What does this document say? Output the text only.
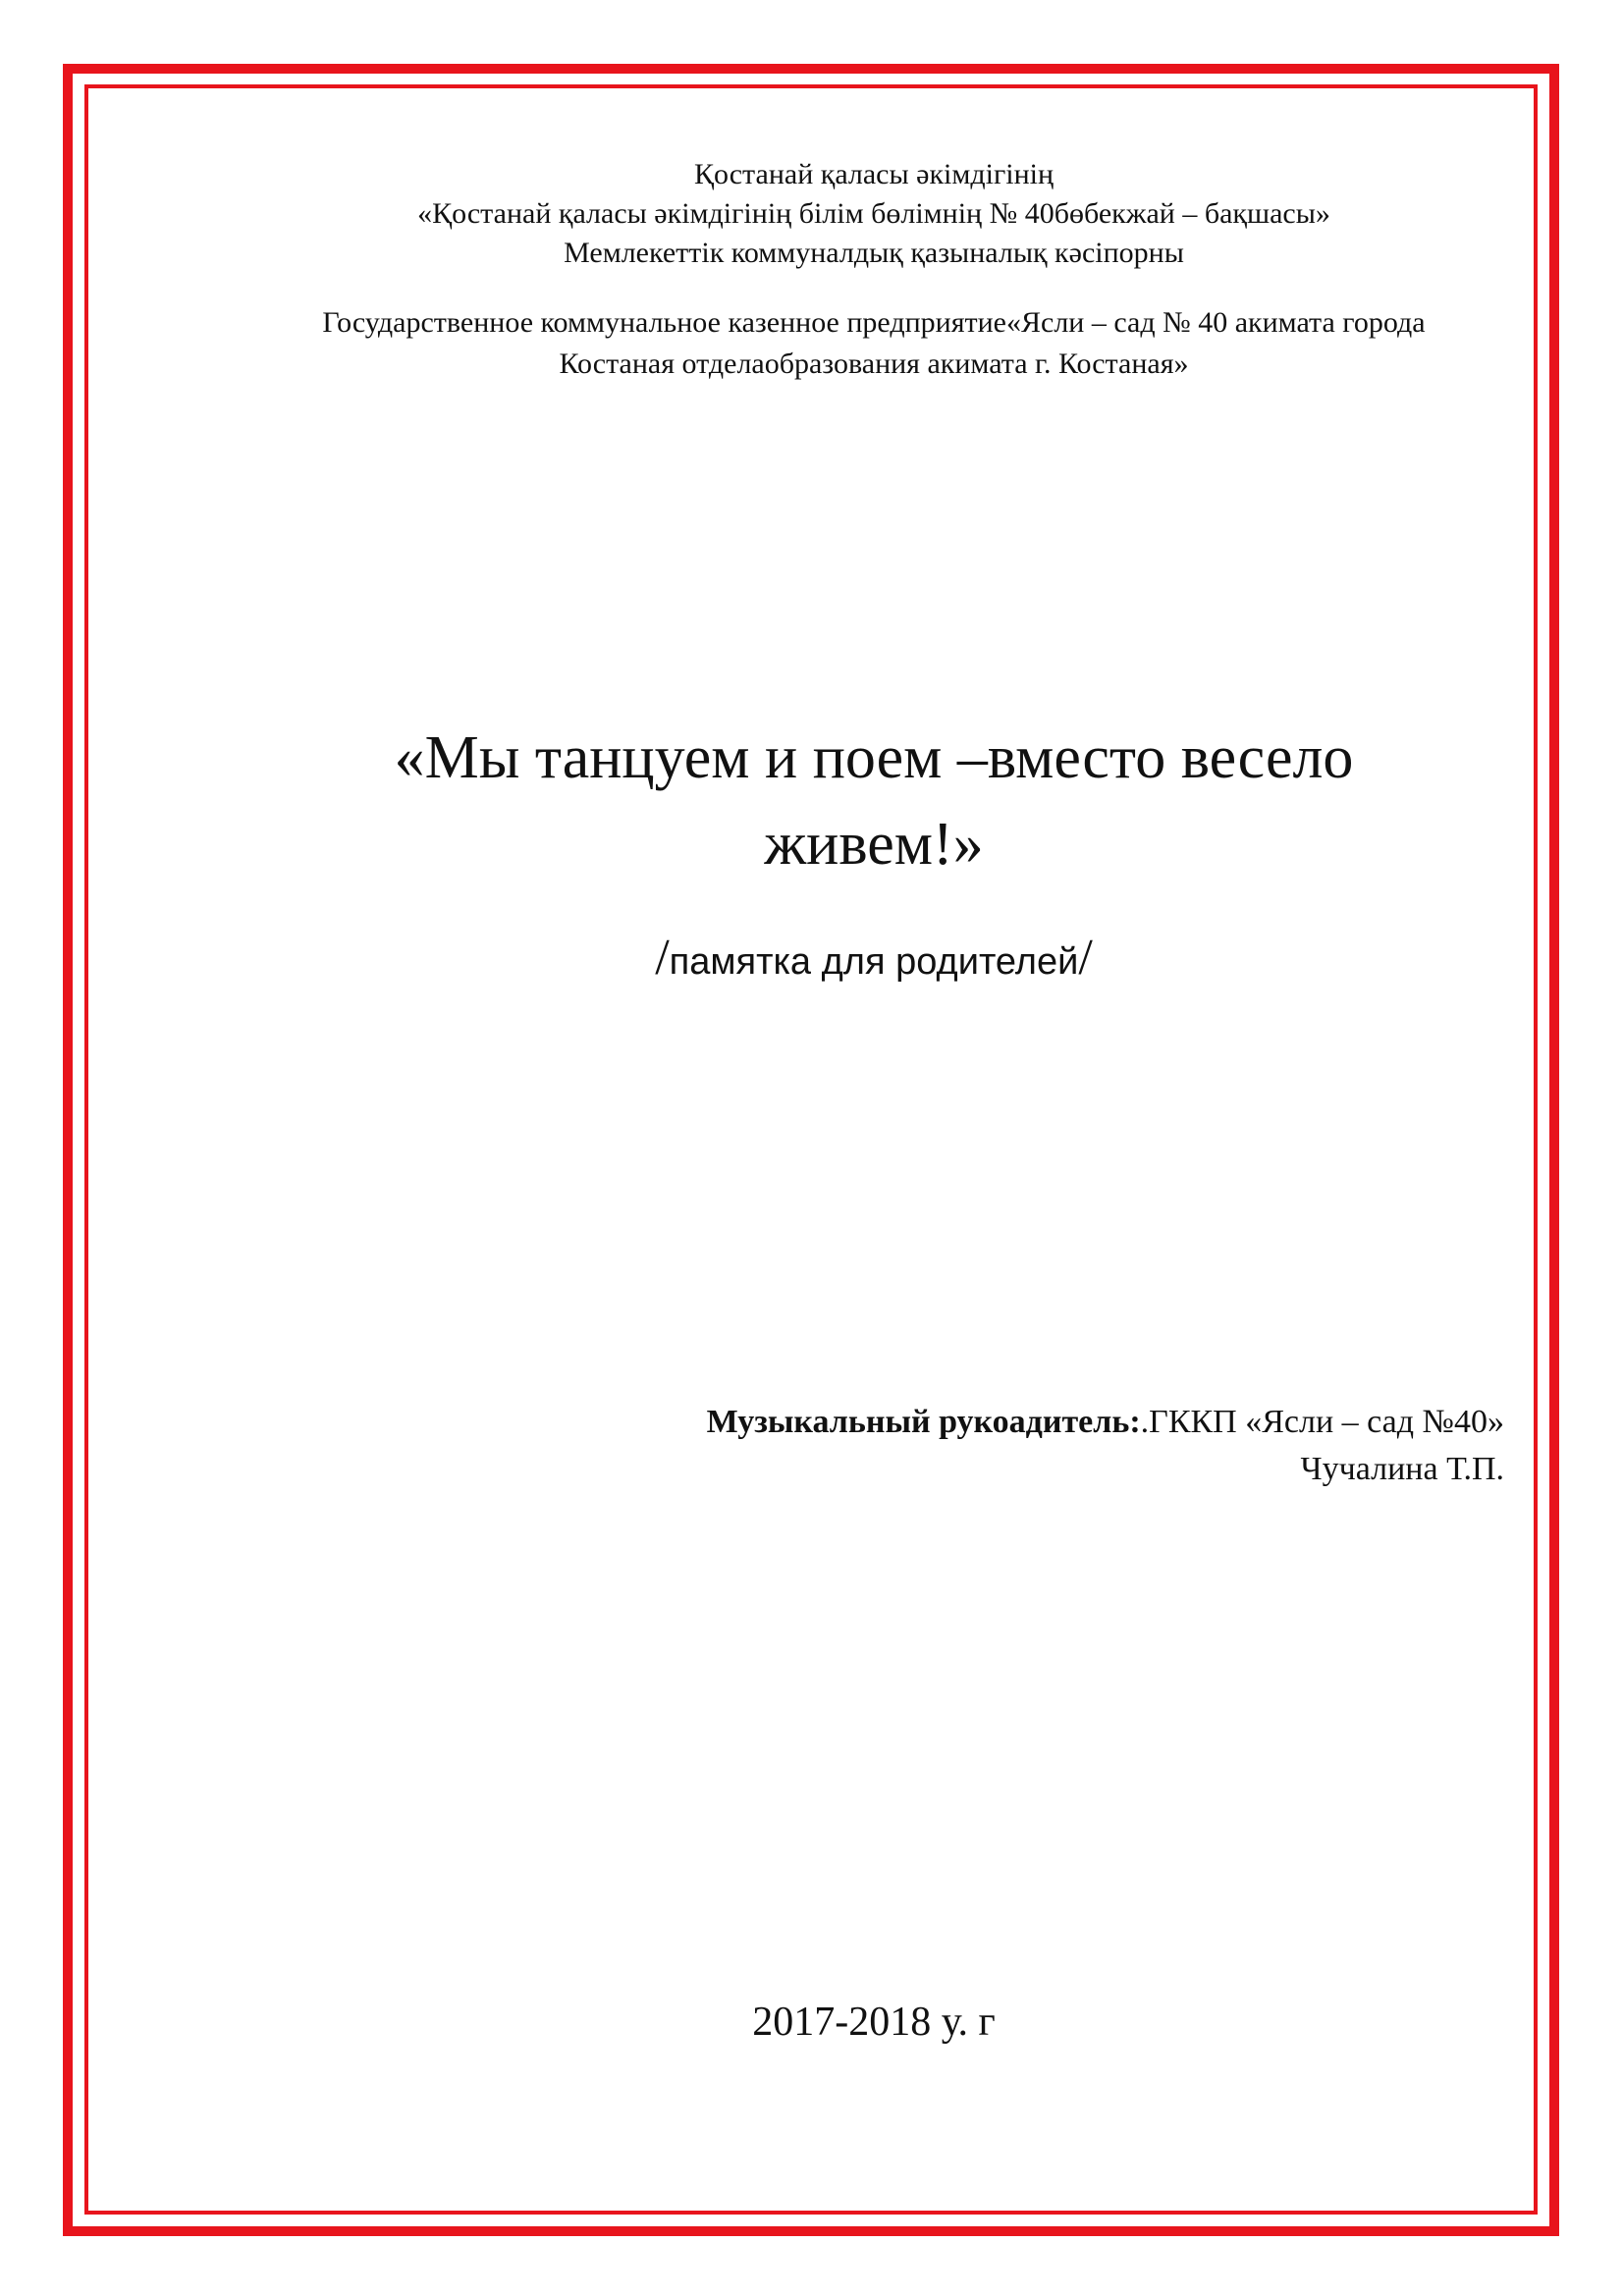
Қостанай қаласы әкімдігінің
«Қостанай қаласы әкімдігінің білім бөлімнің № 40бөбекжай – бақшасы»
Мемлекеттік коммуналдық қазыналық кәсіпорны
Государственное коммунальное казенное предприятие«Ясли – сад № 40 акимата города
Костаная отделаобразования акимата г. Костаная»
«Мы танцуем и поем –вместо весело
живем!»
/памятка для родителей/
Музыкальный рукоадитель:.ГККП «Ясли – сад №40»
Чучалина Т.П.
2017-2018 у. г
